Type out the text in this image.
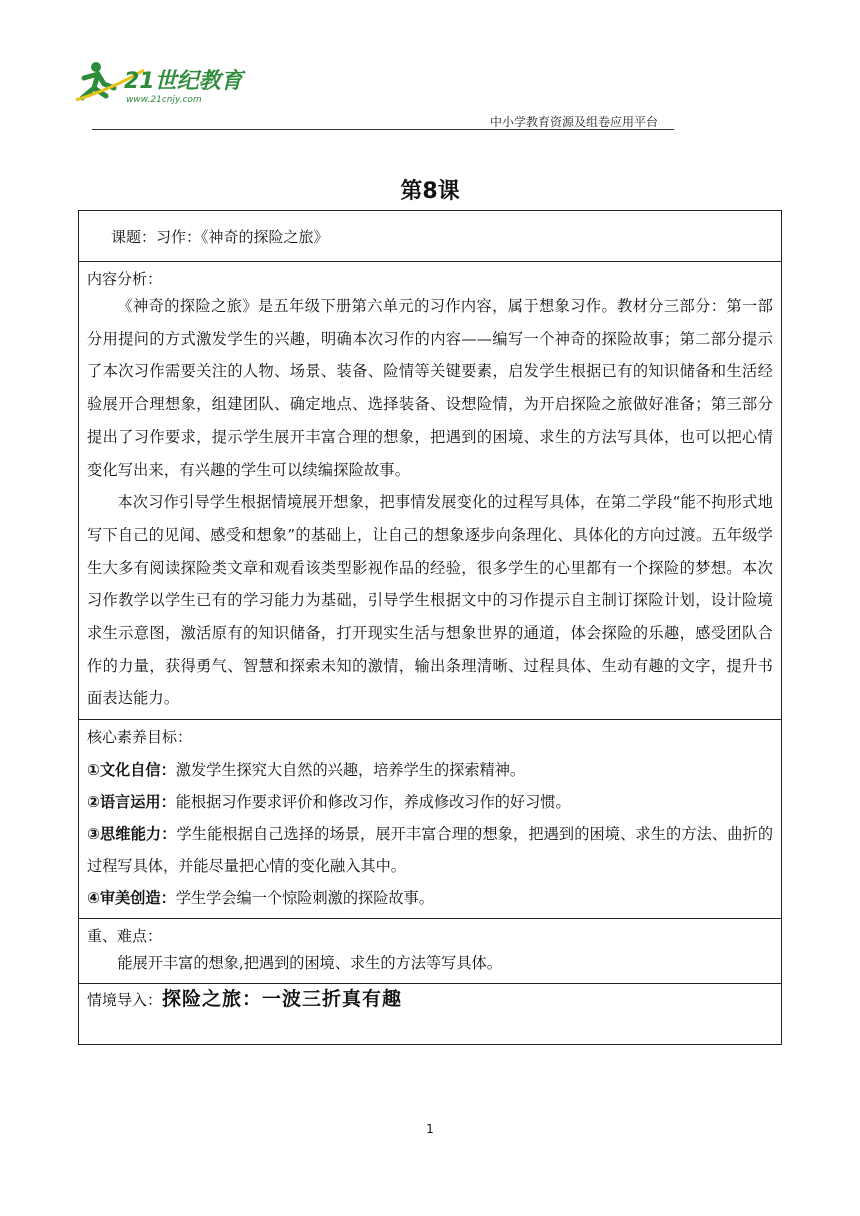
21世纪教育
www.21cnjy.com
中小学教育资源及组卷应用平台
第8课
课题：习作：《神奇的探险之旅》

内容分析：

《神奇的探险之旅》是五年级下册第六单元的习作内容，属于想象习作。教材分三部分：第一部分用提问的方式激发学生的兴趣，明确本次习作的内容——编写一个神奇的探险故事；第二部分提示了本次习作需要关注的人物、场景、装备、险情等关键要素，启发学生根据已有的知识储备和生活经验展开合理想象，组建团队、确定地点、选择装备、设想险情，为开启探险之旅做好准备；第三部分提出了习作要求，提示学生展开丰富合理的想象，把遇到的困境、求生的方法写具体，也可以把心情变化写出来，有兴趣的学生可以续编探险故事。

本次习作引导学生根据情境展开想象，把事情发展变化的过程写具体，在第二学段“能不拘形式地写下自己的见闻、感受和想象”的基础上，让自己的想象逐步向条理化、具体化的方向过渡。五年级学生大多有阅读探险类文章和观看该类型影视作品的经验，很多学生的心里都有一个探险的梦想。本次习作教学以学生已有的学习能力为基础，引导学生根据文中的习作提示自主制订探险计划，设计险境求生示意图，激活原有的知识储备，打开现实生活与想象世界的通道，体会探险的乐趣，感受团队合作的力量，获得勇气、智慧和探索未知的激情，输出条理清晰、过程具体、生动有趣的文字，提升书面表达能力。

核心素养目标：

①文化自信：激发学生探究大自然的兴趣，培养学生的探索精神。

②语言运用：能根据习作要求评价和修改习作，养成修改习作的好习惯。

③思维能力：学生能根据自己选择的场景，展开丰富合理的想象，把遇到的困境、求生的方法、曲折的过程写具体，并能尽量把心情的变化融入其中。

④审美创造：学生学会编一个惊险刺激的探险故事。

重、难点：

能展开丰富的想象,把遇到的困境、求生的方法等写具体。

情境导入：探险之旅：一波三折真有趣
1
